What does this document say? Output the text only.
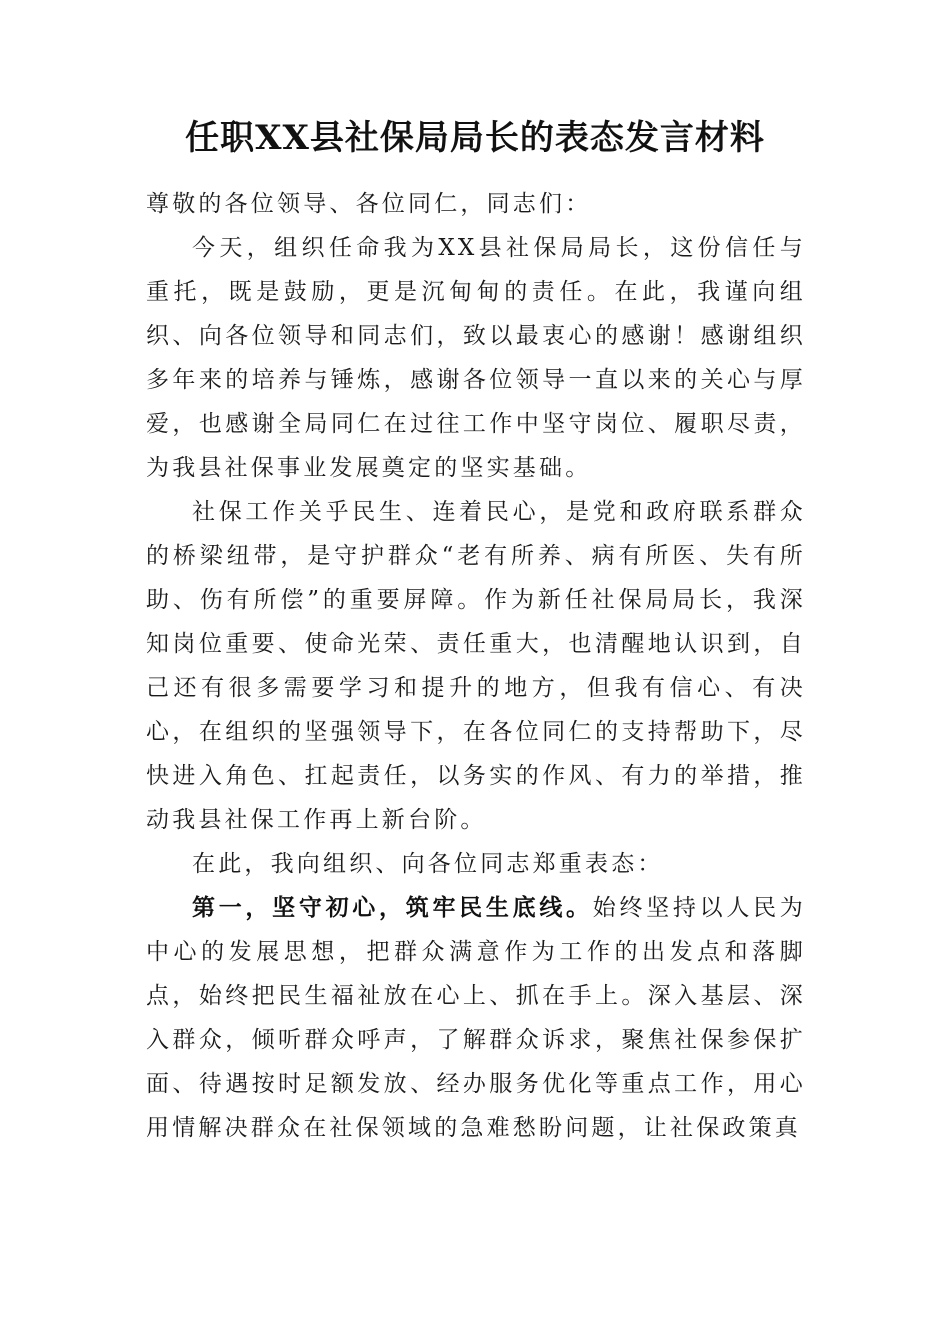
任职XX县社保局局长的表态发言材料

尊敬的各位领导、各位同仁，同志们：

今天，组织任命我为XX县社保局局长，这份信任与重托，既是鼓励，更是沉甸甸的责任。在此，我谨向组织、向各位领导和同志们，致以最衷心的感谢！感谢组织多年来的培养与锤炼，感谢各位领导一直以来的关心与厚爱，也感谢全局同仁在过往工作中坚守岗位、履职尽责，为我县社保事业发展奠定的坚实基础。

社保工作关乎民生、连着民心，是党和政府联系群众的桥梁纽带，是守护群众“老有所养、病有所医、失有所助、伤有所偿”的重要屏障。作为新任社保局局长，我深知岗位重要、使命光荣、责任重大，也清醒地认识到，自己还有很多需要学习和提升的地方，但我有信心、有决心，在组织的坚强领导下，在各位同仁的支持帮助下，尽快进入角色、扛起责任，以务实的作风、有力的举措，推动我县社保工作再上新台阶。

在此，我向组织、向各位同志郑重表态：

第一，坚守初心，筑牢民生底线。始终坚持以人民为中心的发展思想，把群众满意作为工作的出发点和落脚点，始终把民生福祉放在心上、抓在手上。深入基层、深入群众，倾听群众呼声，了解群众诉求，聚焦社保参保扩面、待遇按时足额发放、经办服务优化等重点工作，用心用情解决群众在社保领域的急难愁盼问题，让社保政策真
